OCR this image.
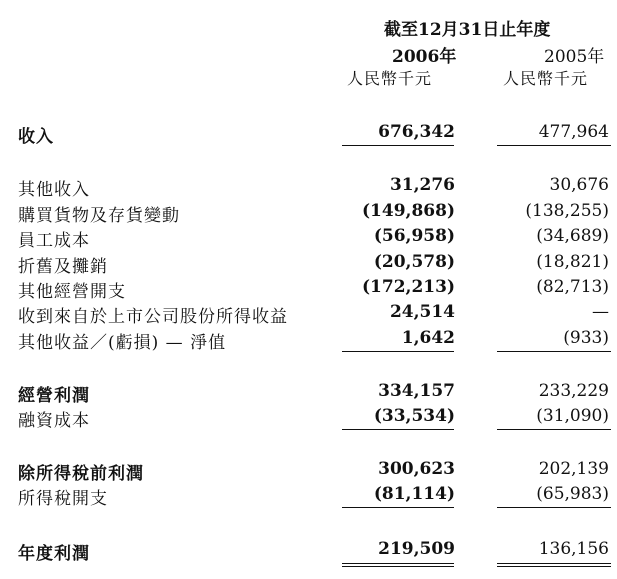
截至12月31日止年度
2006年	2005年
人民幣千元	人民幣千元
收入	676,342	477,964
其他收入	31,276	30,676
購買貨物及存貨變動	(149,868)	(138,255)
員工成本	(56,958)	(34,689)
折舊及攤銷	(20,578)	(18,821)
其他經營開支	(172,213)	(82,713)
收到來自於上市公司股份所得收益	24,514	—
其他收益／(虧損) — 淨值	1,642	(933)
經營利潤	334,157	233,229
融資成本	(33,534)	(31,090)
除所得稅前利潤	300,623	202,139
所得稅開支	(81,114)	(65,983)
年度利潤	219,509	136,156
